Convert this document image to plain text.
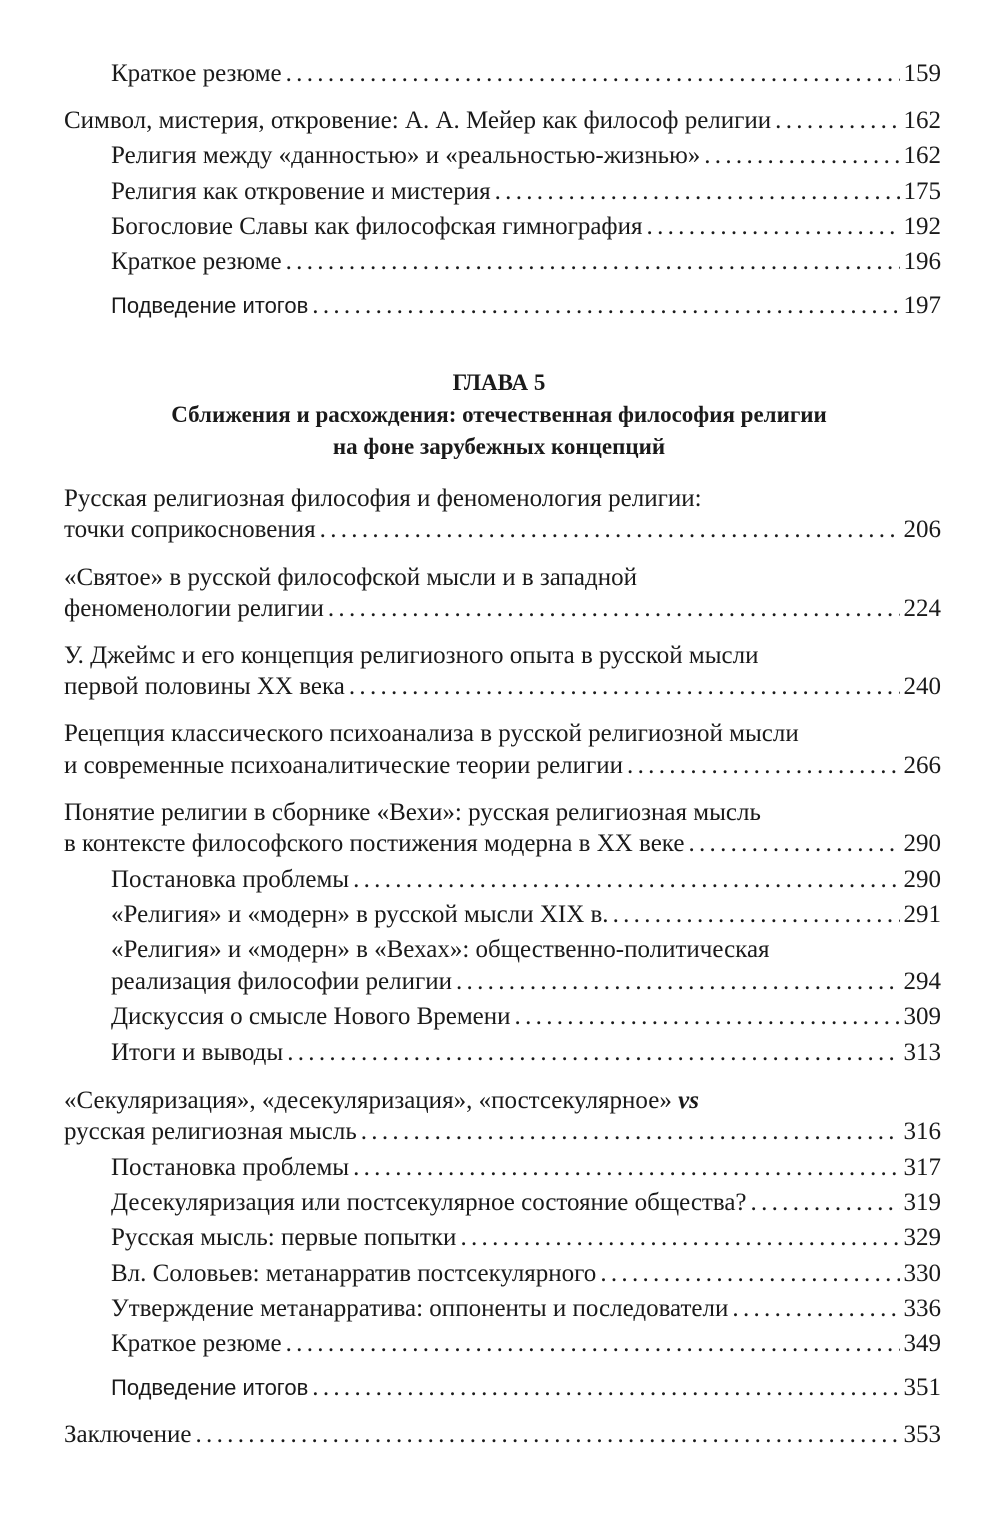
Краткое резюме .....	159
Символ, мистерия, откровение: А. А. Мейер как философ религии .....	162
Религия между «данностью» и «реальностью-жизнью» .....	162
Религия как откровение и мистерия .....	175
Богословие Славы как философская гимнография .....	192
Краткое резюме .....	196
Подведение итогов .....	197
ГЛАВА 5
Сближения и расхождения: отечественная философия религии
на фоне зарубежных концепций
Русская религиозная философия и феноменология религии:
точки соприкосновения .....	206
«Святое» в русской философской мысли и в западной
феноменологии религии .....	224
У. Джеймс и его концепция религиозного опыта в русской мысли
первой половины XX века .....	240
Рецепция классического психоанализа в русской религиозной мысли
и современные психоаналитические теории религии .....	266
Понятие религии в сборнике «Вехи»: русская религиозная мысль
в контексте философского постижения модерна в XX веке .....	290
Постановка проблемы .....	290
«Религия» и «модерн» в русской мысли XIX в. .....	291
«Религия» и «модерн» в «Вехах»: общественно-политическая
реализация философии религии .....	294
Дискуссия о смысле Нового Времени .....	309
Итоги и выводы .....	313
«Секуляризация», «десекуляризация», «постсекулярное» vs
русская религиозная мысль .....	316
Постановка проблемы .....	317
Десекуляризация или постсекулярное состояние общества? .....	319
Русская мысль: первые попытки .....	329
Вл. Соловьев: метанарратив постсекулярного .....	330
Утверждение метанарратива: оппоненты и последователи .....	336
Краткое резюме .....	349
Подведение итогов .....	351
Заключение .....	353
